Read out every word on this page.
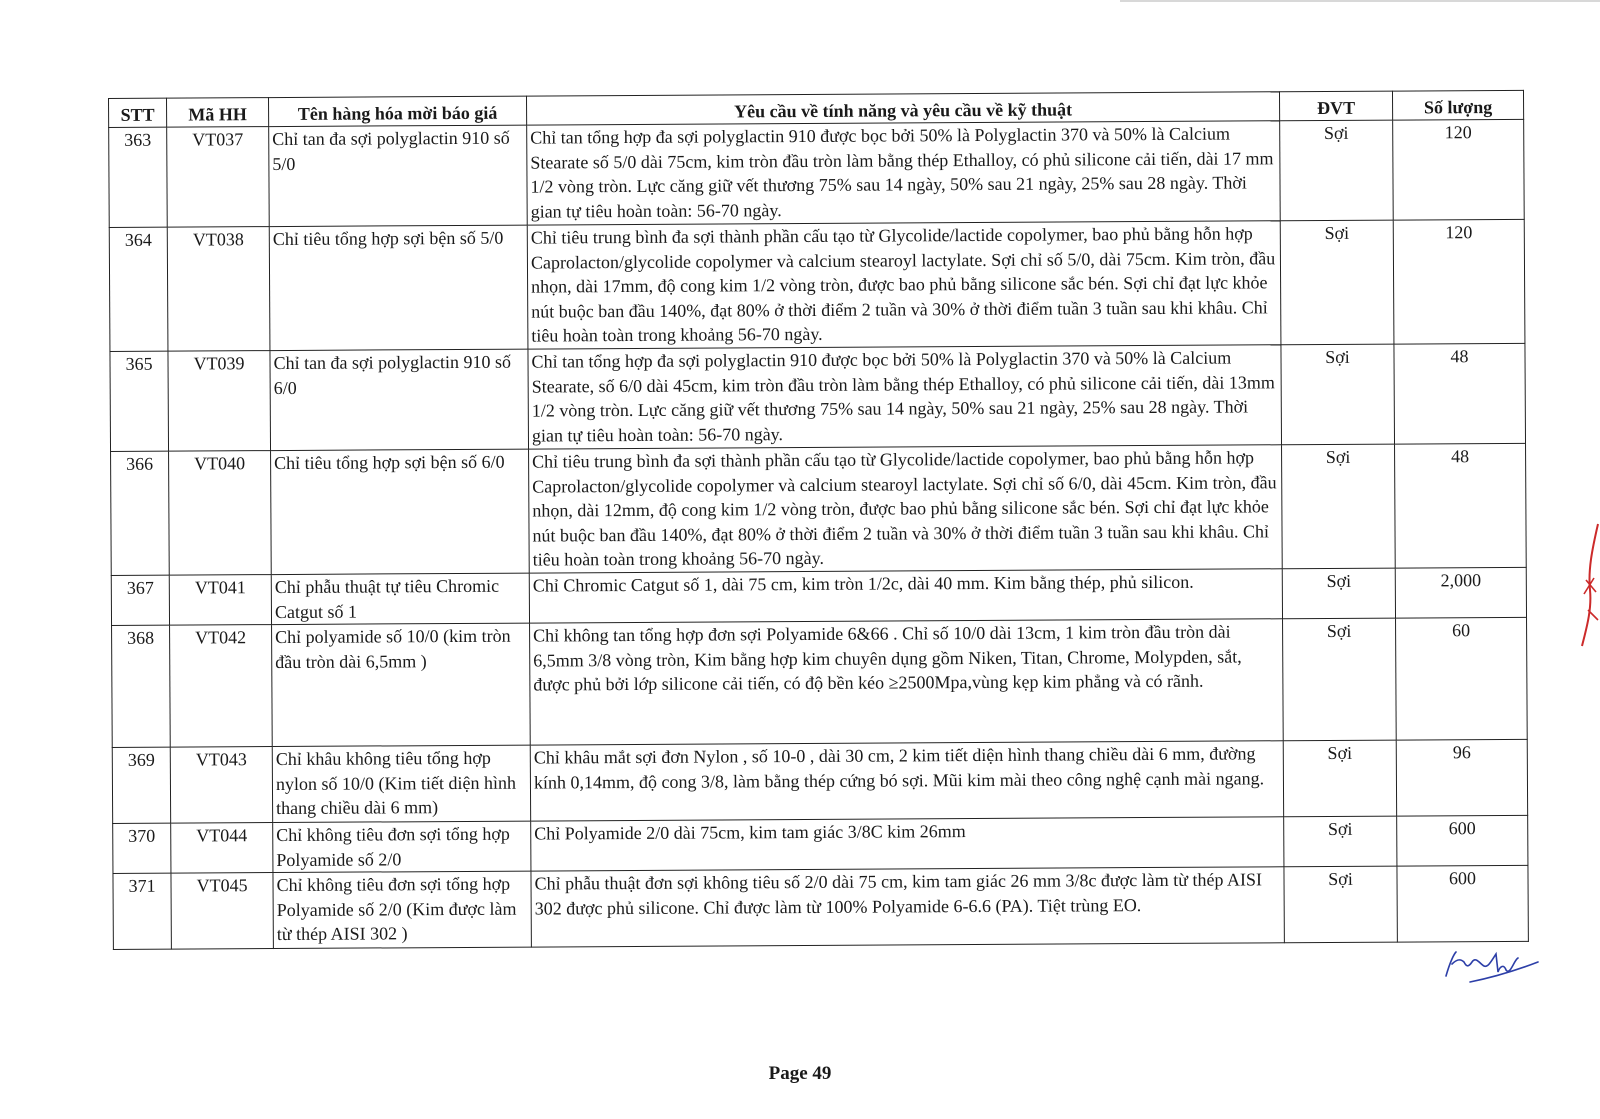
STT	Mã HH	Tên hàng hóa mời báo giá	Yêu cầu về tính năng và yêu cầu về kỹ thuật	ĐVT	Số lượng
363	VT037	Chỉ tan đa sợi polyglactin 910 số 5/0	Chỉ tan tổng hợp đa sợi polyglactin 910 được bọc bởi 50% là Polyglactin 370 và 50% là Calcium Stearate số 5/0 dài 75cm, kim tròn đầu tròn làm bằng thép Ethalloy, có phủ silicone cải tiến, dài 17 mm 1/2 vòng tròn. Lực căng giữ vết thương 75% sau 14 ngày, 50% sau 21 ngày, 25% sau 28 ngày. Thời gian tự tiêu hoàn toàn: 56-70 ngày.	Sợi	120
364	VT038	Chỉ tiêu tổng hợp sợi bện số 5/0	Chỉ tiêu trung bình đa sợi thành phần cấu tạo từ Glycolide/lactide copolymer, bao phủ bằng hỗn hợp Caprolacton/glycolide copolymer và calcium stearoyl lactylate. Sợi chỉ số 5/0, dài 75cm. Kim tròn, đầu nhọn, dài 17mm, độ cong kim 1/2 vòng tròn, được bao phủ bằng silicone sắc bén. Sợi chỉ đạt lực khỏe nút buộc ban đầu 140%, đạt 80% ở thời điểm 2 tuần và 30% ở thời điểm tuần 3 tuần sau khi khâu. Chỉ tiêu hoàn toàn trong khoảng 56-70 ngày.	Sợi	120
365	VT039	Chỉ tan đa sợi polyglactin 910 số 6/0	Chỉ tan tổng hợp đa sợi polyglactin 910 được bọc bởi 50% là Polyglactin 370 và 50% là Calcium Stearate, số 6/0 dài 45cm, kim tròn đầu tròn làm bằng thép Ethalloy, có phủ silicone cải tiến, dài 13mm 1/2 vòng tròn. Lực căng giữ vết thương 75% sau 14 ngày, 50% sau 21 ngày, 25% sau 28 ngày. Thời gian tự tiêu hoàn toàn: 56-70 ngày.	Sợi	48
366	VT040	Chỉ tiêu tổng hợp sợi bện số 6/0	Chỉ tiêu trung bình đa sợi thành phần cấu tạo từ Glycolide/lactide copolymer, bao phủ bằng hỗn hợp Caprolacton/glycolide copolymer và calcium stearoyl lactylate. Sợi chỉ số 6/0, dài 45cm. Kim tròn, đầu nhọn, dài 12mm, độ cong kim 1/2 vòng tròn, được bao phủ bằng silicone sắc bén. Sợi chỉ đạt lực khỏe nút buộc ban đầu 140%, đạt 80% ở thời điểm 2 tuần và 30% ở thời điểm tuần 3 tuần sau khi khâu. Chỉ tiêu hoàn toàn trong khoảng 56-70 ngày.	Sợi	48
367	VT041	Chỉ phẫu thuật tự tiêu Chromic Catgut số 1	Chỉ Chromic Catgut số 1, dài 75 cm, kim tròn 1/2c, dài 40 mm. Kim bằng thép, phủ silicon.	Sợi	2,000
368	VT042	Chỉ polyamide số 10/0 (kim tròn đầu tròn dài 6,5mm )	Chỉ không tan tổng hợp đơn sợi Polyamide 6&66 . Chỉ số 10/0 dài 13cm, 1 kim tròn đầu tròn dài 6,5mm 3/8 vòng tròn, Kim bằng hợp kim chuyên dụng gồm Niken, Titan, Chrome, Molypden, sắt, được phủ bởi lớp silicone cải tiến, có độ bền kéo ≥2500Mpa,vùng kẹp kim phẳng và có rãnh.	Sợi	60
369	VT043	Chỉ khâu không tiêu tổng hợp nylon số 10/0 (Kim tiết diện hình thang chiều dài 6 mm)	Chỉ khâu mắt sợi đơn Nylon , số 10-0 , dài 30 cm, 2 kim tiết diện hình thang chiều dài 6 mm, đường kính 0,14mm, độ cong 3/8, làm bằng thép cứng bó sợi. Mũi kim mài theo công nghệ cạnh mài ngang.	Sợi	96
370	VT044	Chỉ không tiêu đơn sợi tổng hợp Polyamide số 2/0	Chỉ Polyamide 2/0 dài 75cm, kim tam giác 3/8C kim 26mm	Sợi	600
371	VT045	Chỉ không tiêu đơn sợi tổng hợp Polyamide số 2/0 (Kim được làm từ thép AISI 302 )	Chỉ phẫu thuật đơn sợi không tiêu số 2/0 dài 75 cm, kim tam giác 26 mm 3/8c được làm từ thép AISI 302 được phủ silicone. Chỉ được làm từ 100% Polyamide 6-6.6 (PA). Tiệt trùng EO.	Sợi	600
Page 49
